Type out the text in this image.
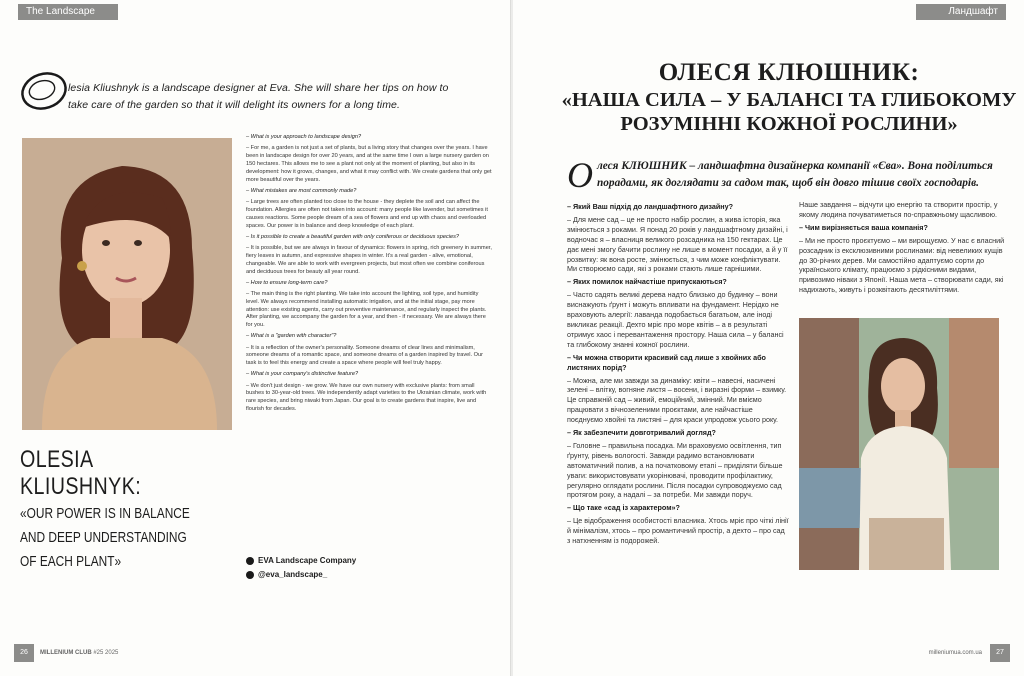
The Landscape
lesia Kliushnyk is a landscape designer at Eva. She will share her tips on how to take care of the garden so that it will delight its owners for a long time.

– What is your approach to landscape design?

– For me, a garden is not just a set of plants, but a living story that changes over the years. I have been in landscape design for over 20 years, and at the same time I own a large nursery garden on 150 hectares. This allows me to see a plant not only at the moment of planting, but also in its development: how it grows, changes, and what it may conflict with. We create gardens that only get more beautiful over the years.

– What mistakes are most commonly made?

– Large trees are often planted too close to the house - they deplete the soil and can affect the foundation. Allergies are often not taken into account: many people like lavender, but sometimes it causes reactions. Some people dream of a sea of flowers and end up with chaos and overloaded spaces. Our power is in balance and deep knowledge of each plant.

– Is it possible to create a beautiful garden with only coniferous or deciduous species?

– It is possible, but we are always in favour of dynamics: flowers in spring, rich greenery in summer, fiery leaves in autumn, and expressive shapes in winter. It's a real garden - alive, emotional, changeable. We are able to work with evergreen projects, but most often we combine coniferous and deciduous trees for beauty all year round.

– How to ensure long-term care?

– The main thing is the right planting. We take into account the lighting, soil type, and humidity level. We always recommend installing automatic irrigation, and at the initial stage, pay more attention: use existing agents, carry out preventive maintenance, and regularly inspect the plants. After planting, we accompany the garden for a year, and then - if necessary. We are always there for you.

– What is a "garden with character"?

– It is a reflection of the owner's personality. Someone dreams of clear lines and minimalism, someone dreams of a romantic space, and someone dreams of a garden inspired by travel. Our task is to feel this energy and create a space where people will feel truly happy.

– What is your company's distinctive feature?

– We don't just design - we grow. We have our own nursery with exclusive plants: from small bushes to 30-year-old trees. We independently adapt varieties to the Ukrainian climate, work with rare species, and bring niwaki from Japan. Our goal is to create gardens that inspire, live and flourish for decades.

OLESIA
KLIUSHNYK:
«OUR POWER IS IN BALANCE AND DEEP UNDERSTANDING OF EACH PLANT»	EVA Landscape Company
@eva_landscape_
26	MILLENIUM CLUB #25 2025
Ландшафт
ОЛЕСЯ КЛЮШНИК:
«НАША СИЛА – У БАЛАНСІ ТА ГЛИБОКОМУ РОЗУМІННІ КОЖНОЇ РОСЛИНИ»
О леся КЛЮШНИК – ландшафтна дизайнерка компанії «Єва». Вона поділиться порадами, як доглядати за садом так, щоб він довго тішив своїх господарів.

– Який Ваш підхід до ландшафтного дизайну?

– Для мене сад – це не просто набір рослин, а жива історія, яка змінюється з роками. Я понад 20 років у ландшафтному дизайні, і водночас я – власниця великого розсадника на 150 гектарах. Це дає мені змогу бачити рослину не лише в момент посадки, а й у її розвитку: як вона росте, змінюється, з чим може конфліктувати. Ми створюємо сади, які з роками стають лише гарнішими.

– Яких помилок найчастіше припускаються?

– Часто садять великі дерева надто близько до будинку – вони виснажують ґрунт і можуть впливати на фундамент. Нерідко не враховують алергії: лаванда подобається багатьом, але іноді викликає реакції. Дехто мріє про море квітів – а в результаті отримує хаос і перевантаження простору. Наша сила – у балансі та глибокому знанні кожної рослини.

– Чи можна створити красивий сад лише з хвойних або листяних порід?

– Можна, але ми завжди за динаміку: квіти – навесні, насичені зелені – влітку, вогняне листя – восени, і виразні форми – взимку. Це справжній сад – живий, емоційний, змінний. Ми вміємо працювати з вічнозеленими проєктами, але найчастіше поєднуємо хвойні та листяні – для краси упродовж усього року.

– Як забезпечити довготривалий догляд?

– Головне – правильна посадка. Ми враховуємо освітлення, тип ґрунту, рівень вологості. Завжди радимо встановлювати автоматичний полив, а на початковому етапі – приділяти більше уваги: використовувати укорінювачі, проводити профілактику, регулярно оглядати рослини. Після посадки супроводжуємо сад протягом року, а надалі – за потреби. Ми завжди поруч.

– Що таке «сад із характером»?

– Це відображення особистості власника. Хтось мріє про чіткі лінії й мінімалізм, хтось – про романтичний простір, а дехто – про сад з натхненням із подорожей.

Наше завдання – відчути цю енергію та створити простір, у якому людина почуватиметься по-справжньому щасливою.

– Чим вирізняється ваша компанія?

– Ми не просто проєктуємо – ми вирощуємо. У нас є власний розсадник із ексклюзивними рослинами: від невеликих кущів до 30-річних дерев. Ми самостійно адаптуємо сорти до українського клімату, працюємо з рідкісними видами, привозимо ніваки з Японії. Наша мета – створювати сади, які надихають, живуть і розквітають десятиліттями.

milleniumua.com.ua	27
